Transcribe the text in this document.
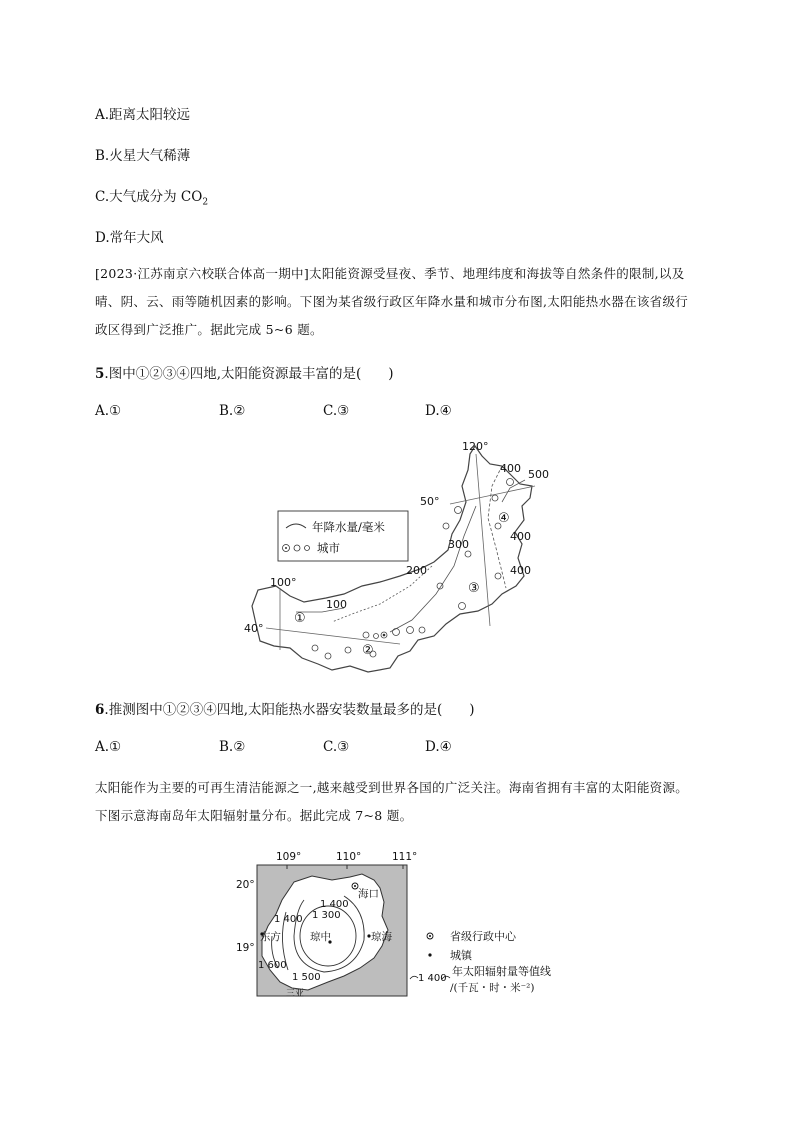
A.距离太阳较远
B.火星大气稀薄
C.大气成分为 $CO_2$
D.常年大风
[2023·江苏南京六校联合体高一期中]太阳能资源受昼夜、季节、地理纬度和海拔等自然条件的限制,以及晴、阴、云、雨等随机因素的影响。下图为某省级行政区年降水量和城市分布图,太阳能热水器在该省级行政区得到广泛推广。据此完成 5~6 题。
5.图中①②③④四地,太阳能资源最丰富的是(　　)
A.①	B.②	C.③	D.④
年降水量/毫米
城市
120°
400 500
50°
④
400
300
③
200	400
100°
①
100
40°
②
6.推测图中①②③④四地,太阳能热水器安装数量最多的是(　　)
A.①	B.②	C.③	D.④
太阳能作为主要的可再生清洁能源之一,越来越受到世界各国的广泛关注。海南省拥有丰富的太阳能资源。下图示意海南岛年太阳辐射量分布。据此完成 7~8 题。
109°	110°	111°
20°
19°
海口
琼中	琼海
东方
三亚
1 400
1 300
1 400
1 500
1 600
省级行政中心
城镇
1 400
年太阳辐射量等值线
/(千瓦・时・米⁻²)
